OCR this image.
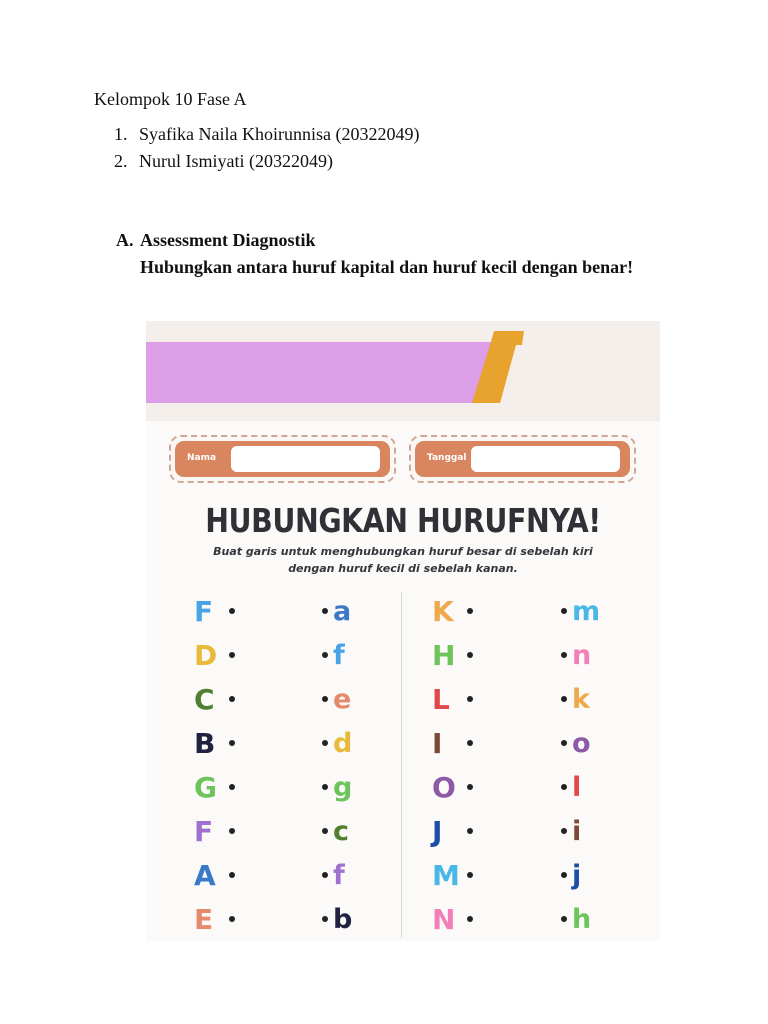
Kelompok 10 Fase A
1. Syafika Naila Khoirunnisa (20322049)
2. Nurul Ismiyati (20322049)
A. Assessment Diagnostik
Hubungkan antara huruf kapital dan huruf kecil dengan benar!
Nama	Tanggal
HUBUNGKAN HURUFNYA!
Buat garis untuk menghubungkan huruf besar di sebelah kiri
dengan huruf kecil di sebelah kanan.
F
D
C
B
G
F
A
E
a
f
e
d
g
c
f
b
K
H
L
I
O
J
M
N
m
n
k
o
l
i
j
h
